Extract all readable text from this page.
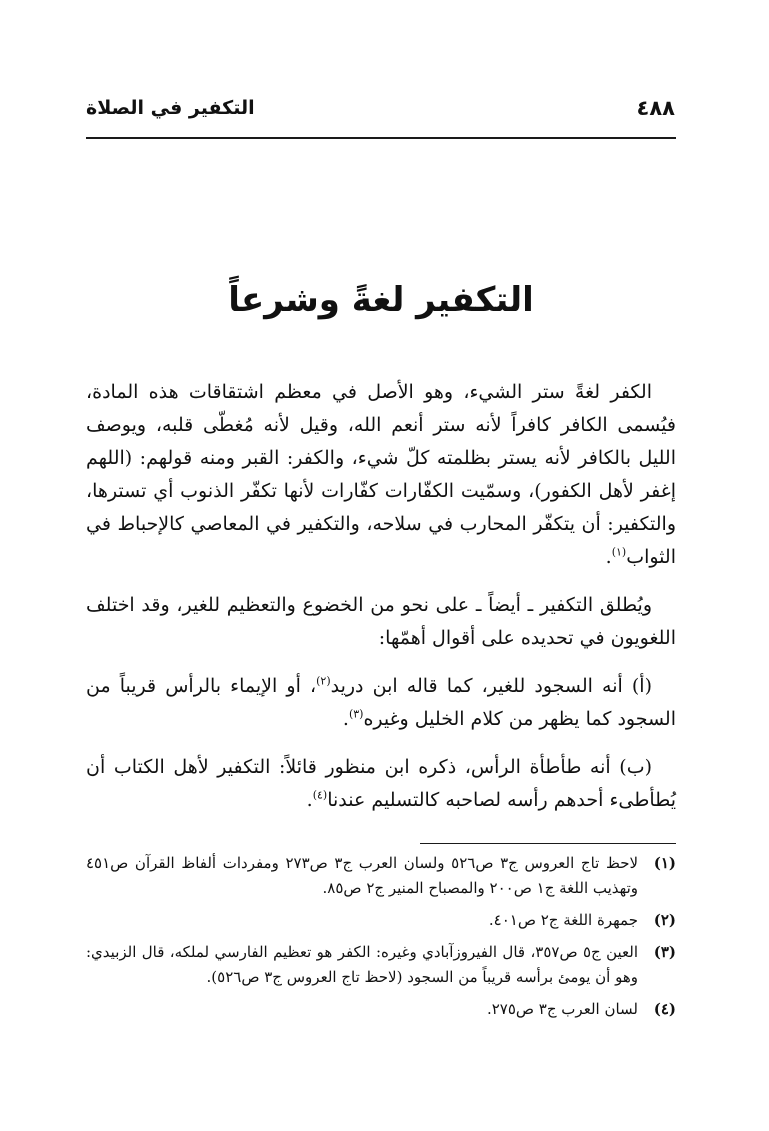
٤٨٨
التكفير في الصلاة
التكفير لغةً وشرعاً

الكفر لغةً ستر الشيء، وهو الأصل في معظم اشتقاقات هذه المادة، فيُسمى الكافر كافراً لأنه ستر أنعم الله، وقيل لأنه مُغطّى قلبه، ويوصف الليل بالكافر لأنه يستر بظلمته كلّ شيء، والكفر: القبر ومنه قولهم: (اللهم إغفر لأهل الكفور)، وسمّيت الكفّارات كفّارات لأنها تكفّر الذنوب أي تسترها، والتكفير: أن يتكفّر المحارب في سلاحه، والتكفير في المعاصي كالإحباط في الثواب$^{(١)}$.

ويُطلق التكفير ـ أيضاً ـ على نحو من الخضوع والتعظيم للغير، وقد اختلف اللغويون في تحديده على أقوال أهمّها:

(أ) أنه السجود للغير، كما قاله ابن دريد$^{(٢)}$، أو الإيماء بالرأس قريباً من السجود كما يظهر من كلام الخليل وغيره$^{(٣)}$.

(ب) أنه طأطأة الرأس، ذكره ابن منظور قائلاً: التكفير لأهل الكتاب أن يُطأطىء أحدهم رأسه لصاحبه كالتسليم عندنا$^{(٤)}$.

(١)
لاحظ تاج العروس ج٣ ص٥٢٦ ولسان العرب ج٣ ص٢٧٣ ومفردات ألفاظ القرآن ص٤٥١ وتهذيب اللغة ج١ ص٢٠٠ والمصباح المنير ج٢ ص٨٥.
(٢)
جمهرة اللغة ج٢ ص٤٠١.
(٣)
العين ج٥ ص٣٥٧، قال الفيروزآبادي وغيره: الكفر هو تعظيم الفارسي لملكه، قال الزبيدي: وهو أن يومئ برأسه قريباً من السجود (لاحظ تاج العروس ج٣ ص٥٢٦).
(٤)
لسان العرب ج٣ ص٢٧٥.
